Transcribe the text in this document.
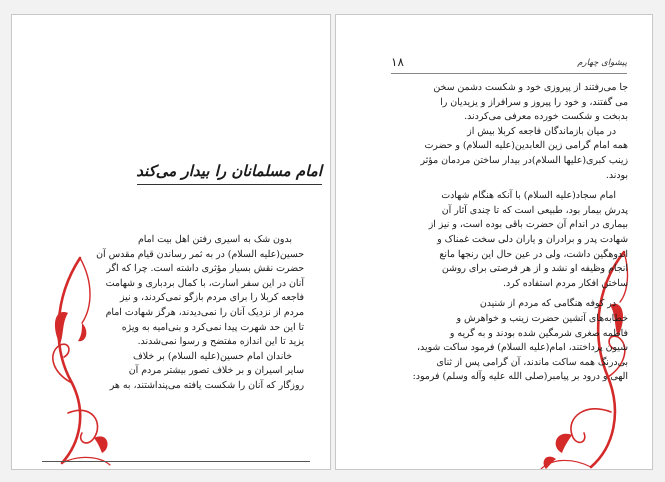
امام مسلمانان را بیدار می‌کند
بدون شک به اسیری رفتن اهل بیت امام
حسین(علیه السلام) در به ثمر رساندن قیام مقدس آن
حضرت نقش بسیار مؤثری داشته است. چرا که اگر
آنان در این سفر اسارت، با کمال بردباری و شهامت
فاجعه کربلا را برای مردم بازگو نمی‌کردند، و نیز
مردم از نزدیک آنان را نمی‌دیدند، هرگز شهادت امام
تا این حد شهرت پیدا نمی‌کرد و بنی‌امیه به ویژه
یزید تا این اندازه مفتضح و رسوا نمی‌شدند.
خاندان امام حسین(علیه السلام) بر خلاف
سایر اسیران و بر خلاف تصور بیشتر مردم آن
روزگار که آنان را شکست یافته می‌پنداشتند، به هر
۱۸	پیشوای چهارم
جا می‌رفتند از پیروزی خود و شکست دشمن سخن
می گفتند، و خود را پیروز و سرافراز و یزیدیان را
بدبخت و شکست خورده معرفی می‌کردند.
در میان بازماندگان فاجعه کربلا بیش از
همه امام گرامی زین العابدین(علیه السلام) و حضرت
زینب کبری(علیها السلام)در بیدار ساختن مردمان مؤثر
بودند.
امام سجاد(علیه السلام) با آنکه هنگام شهادت
پدرش بیمار بود، طبیعی است که تا چندی آثار آن
بیماری در اندام آن حضرت باقی بوده است، و نیز از
شهادت پدر و برادران و یاران دلی سخت غمناک و
اندوهگین داشت، ولی در عین حال این رنجها مانع
انجام وظیفه او نشد و از هر فرصتی برای روشن
ساختن افکار مردم استفاده کرد.
در کوفه هنگامی که مردم از شنیدن
خطابه‌های آتشین حضرت زینب و خواهرش و
فاطمه صغری شرمگین شده بودند و به گریه و
شیون پرداختند، امام(علیه السلام) فرمود ساکت شوید،
بی‌درنگ همه ساکت ماندند، آن گرامی پس از ثنای
الهی و درود بر پیامبر(صلی الله علیه وآله وسلم) فرمود:
